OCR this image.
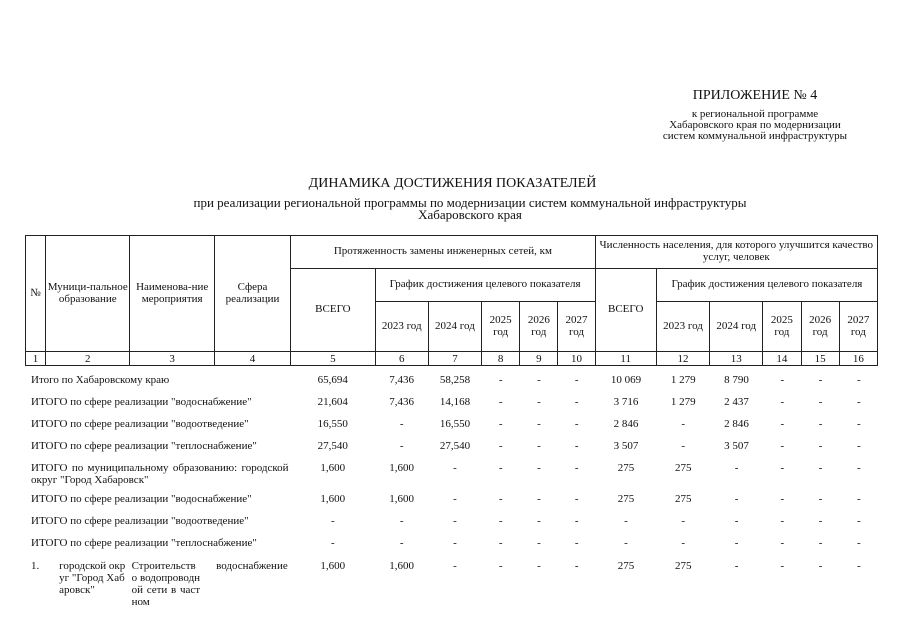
ПРИЛОЖЕНИЕ № 4
к региональной программе
Хабаровского края по модернизации
систем коммунальной инфраструктуры
ДИНАМИКА ДОСТИЖЕНИЯ ПОКАЗАТЕЛЕЙ
при реализации региональной программы по модернизации систем коммунальной инфраструктуры
Хабаровского края
№	Муници-пальное образование	Наименова-ние мероприятия	Сфера реализации	Протяженность замены инженерных сетей, км						Численность населения, для которого улучшится качество услуг, человек					
				ВСЕГО	График достижения целевого показателя					ВСЕГО	График достижения целевого показателя				
					2023 год	2024 год	2025 год	2026 год	2027 год		2023 год	2024 год	2025 год	2026 год	2027 год
1	2	3	4	5	6	7	8	9	10	11	12	13	14	15	16
Итого по Хабаровскому краю				65,694	7,436	58,258	-	-	-	10 069	1 279	8 790	-	-	-
ИТОГО по сфере реализации "водоснабжение"				21,604	7,436	14,168	-	-	-	3 716	1 279	2 437	-	-	-
ИТОГО по сфере реализации "водоотведение"				16,550	-	16,550	-	-	-	2 846	-	2 846	-	-	-
ИТОГО по сфере реализации "теплоснабжение"				27,540	-	27,540	-	-	-	3 507	-	3 507	-	-	-
ИТОГО по муниципальному образованию: городской округ "Город Хабаровск"				1,600	1,600	-	-	-	-	275	275	-	-	-	-
ИТОГО по сфере реализации "водоснабжение"				1,600	1,600	-	-	-	-	275	275	-	-	-	-
ИТОГО по сфере реализации "водоотведение"				-	-	-	-	-	-	-	-	-	-	-	-
ИТОГО по сфере реализации "теплоснабжение"				-	-	-	-	-	-	-	-	-	-	-	-
1.	городской округ "Город Хабаровск"	Строительство водопроводной сети в частном	водоснабжение	1,600	1,600	-	-	-	-	275	275	-	-	-	-
